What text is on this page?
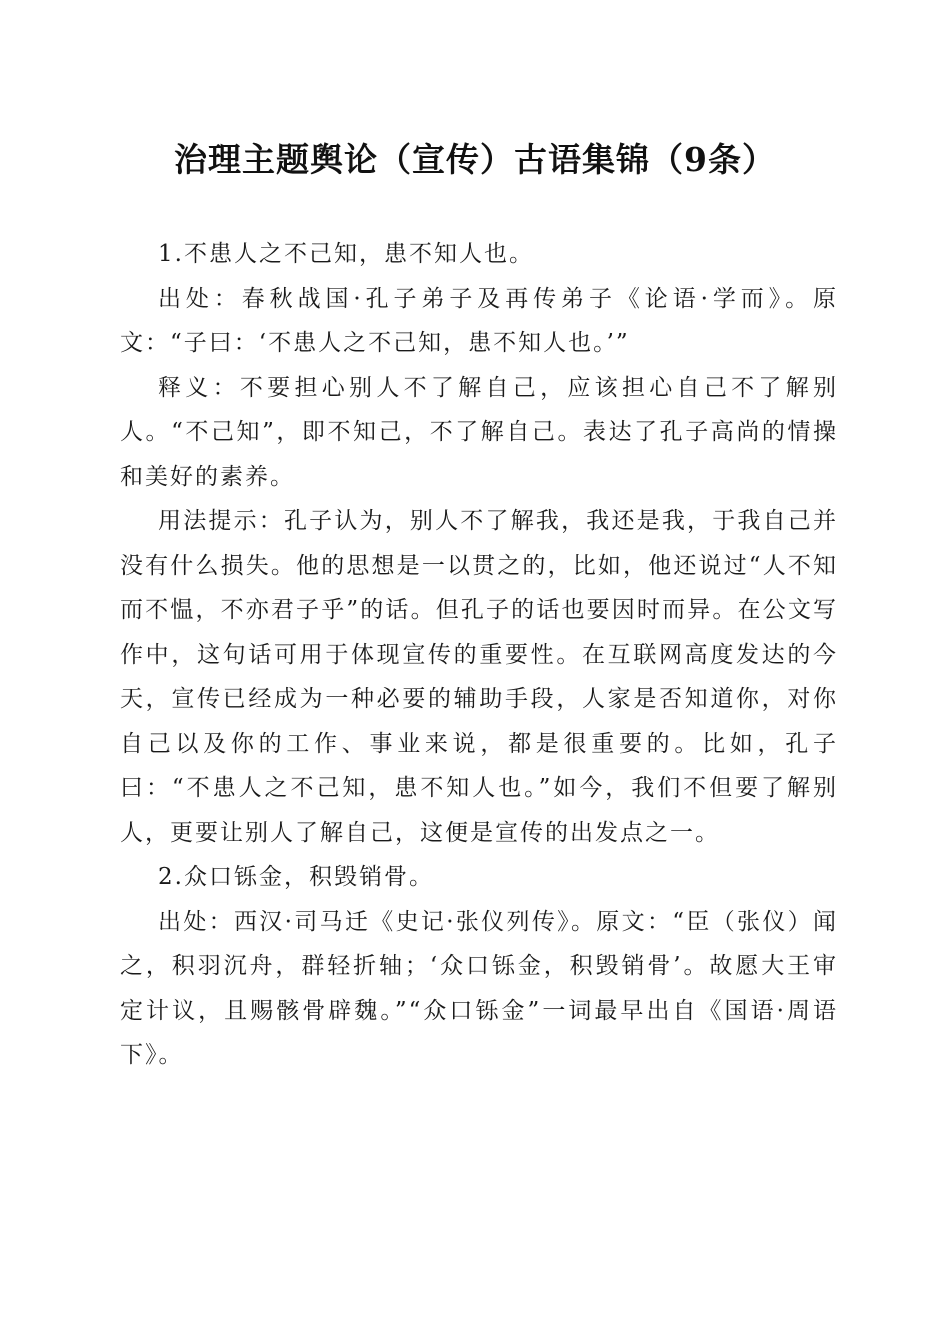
治理主题舆论（宣传）古语集锦（9条）

1.不患人之不己知，患不知人也。

出处：春秋战国·孔子弟子及再传弟子《论语·学而》。原文：“子曰：‘不患人之不己知，患不知人也。’”

释义：不要担心别人不了解自己，应该担心自己不了解别人。“不己知”，即不知己，不了解自己。表达了孔子高尚的情操和美好的素养。

用法提示：孔子认为，别人不了解我，我还是我，于我自己并没有什么损失。他的思想是一以贯之的，比如，他还说过“人不知而不愠，不亦君子乎”的话。但孔子的话也要因时而异。在公文写作中，这句话可用于体现宣传的重要性。在互联网高度发达的今天，宣传已经成为一种必要的辅助手段，人家是否知道你，对你自己以及你的工作、事业来说，都是很重要的。比如，孔子曰：“不患人之不己知，患不知人也。”如今，我们不但要了解别人，更要让别人了解自己，这便是宣传的出发点之一。

2.众口铄金，积毁销骨。

出处：西汉·司马迁《史记·张仪列传》。原文：“臣（张仪）闻之，积羽沉舟，群轻折轴；‘众口铄金，积毁销骨’。故愿大王审定计议，且赐骸骨辟魏。”“众口铄金”一词最早出自《国语·周语下》。
